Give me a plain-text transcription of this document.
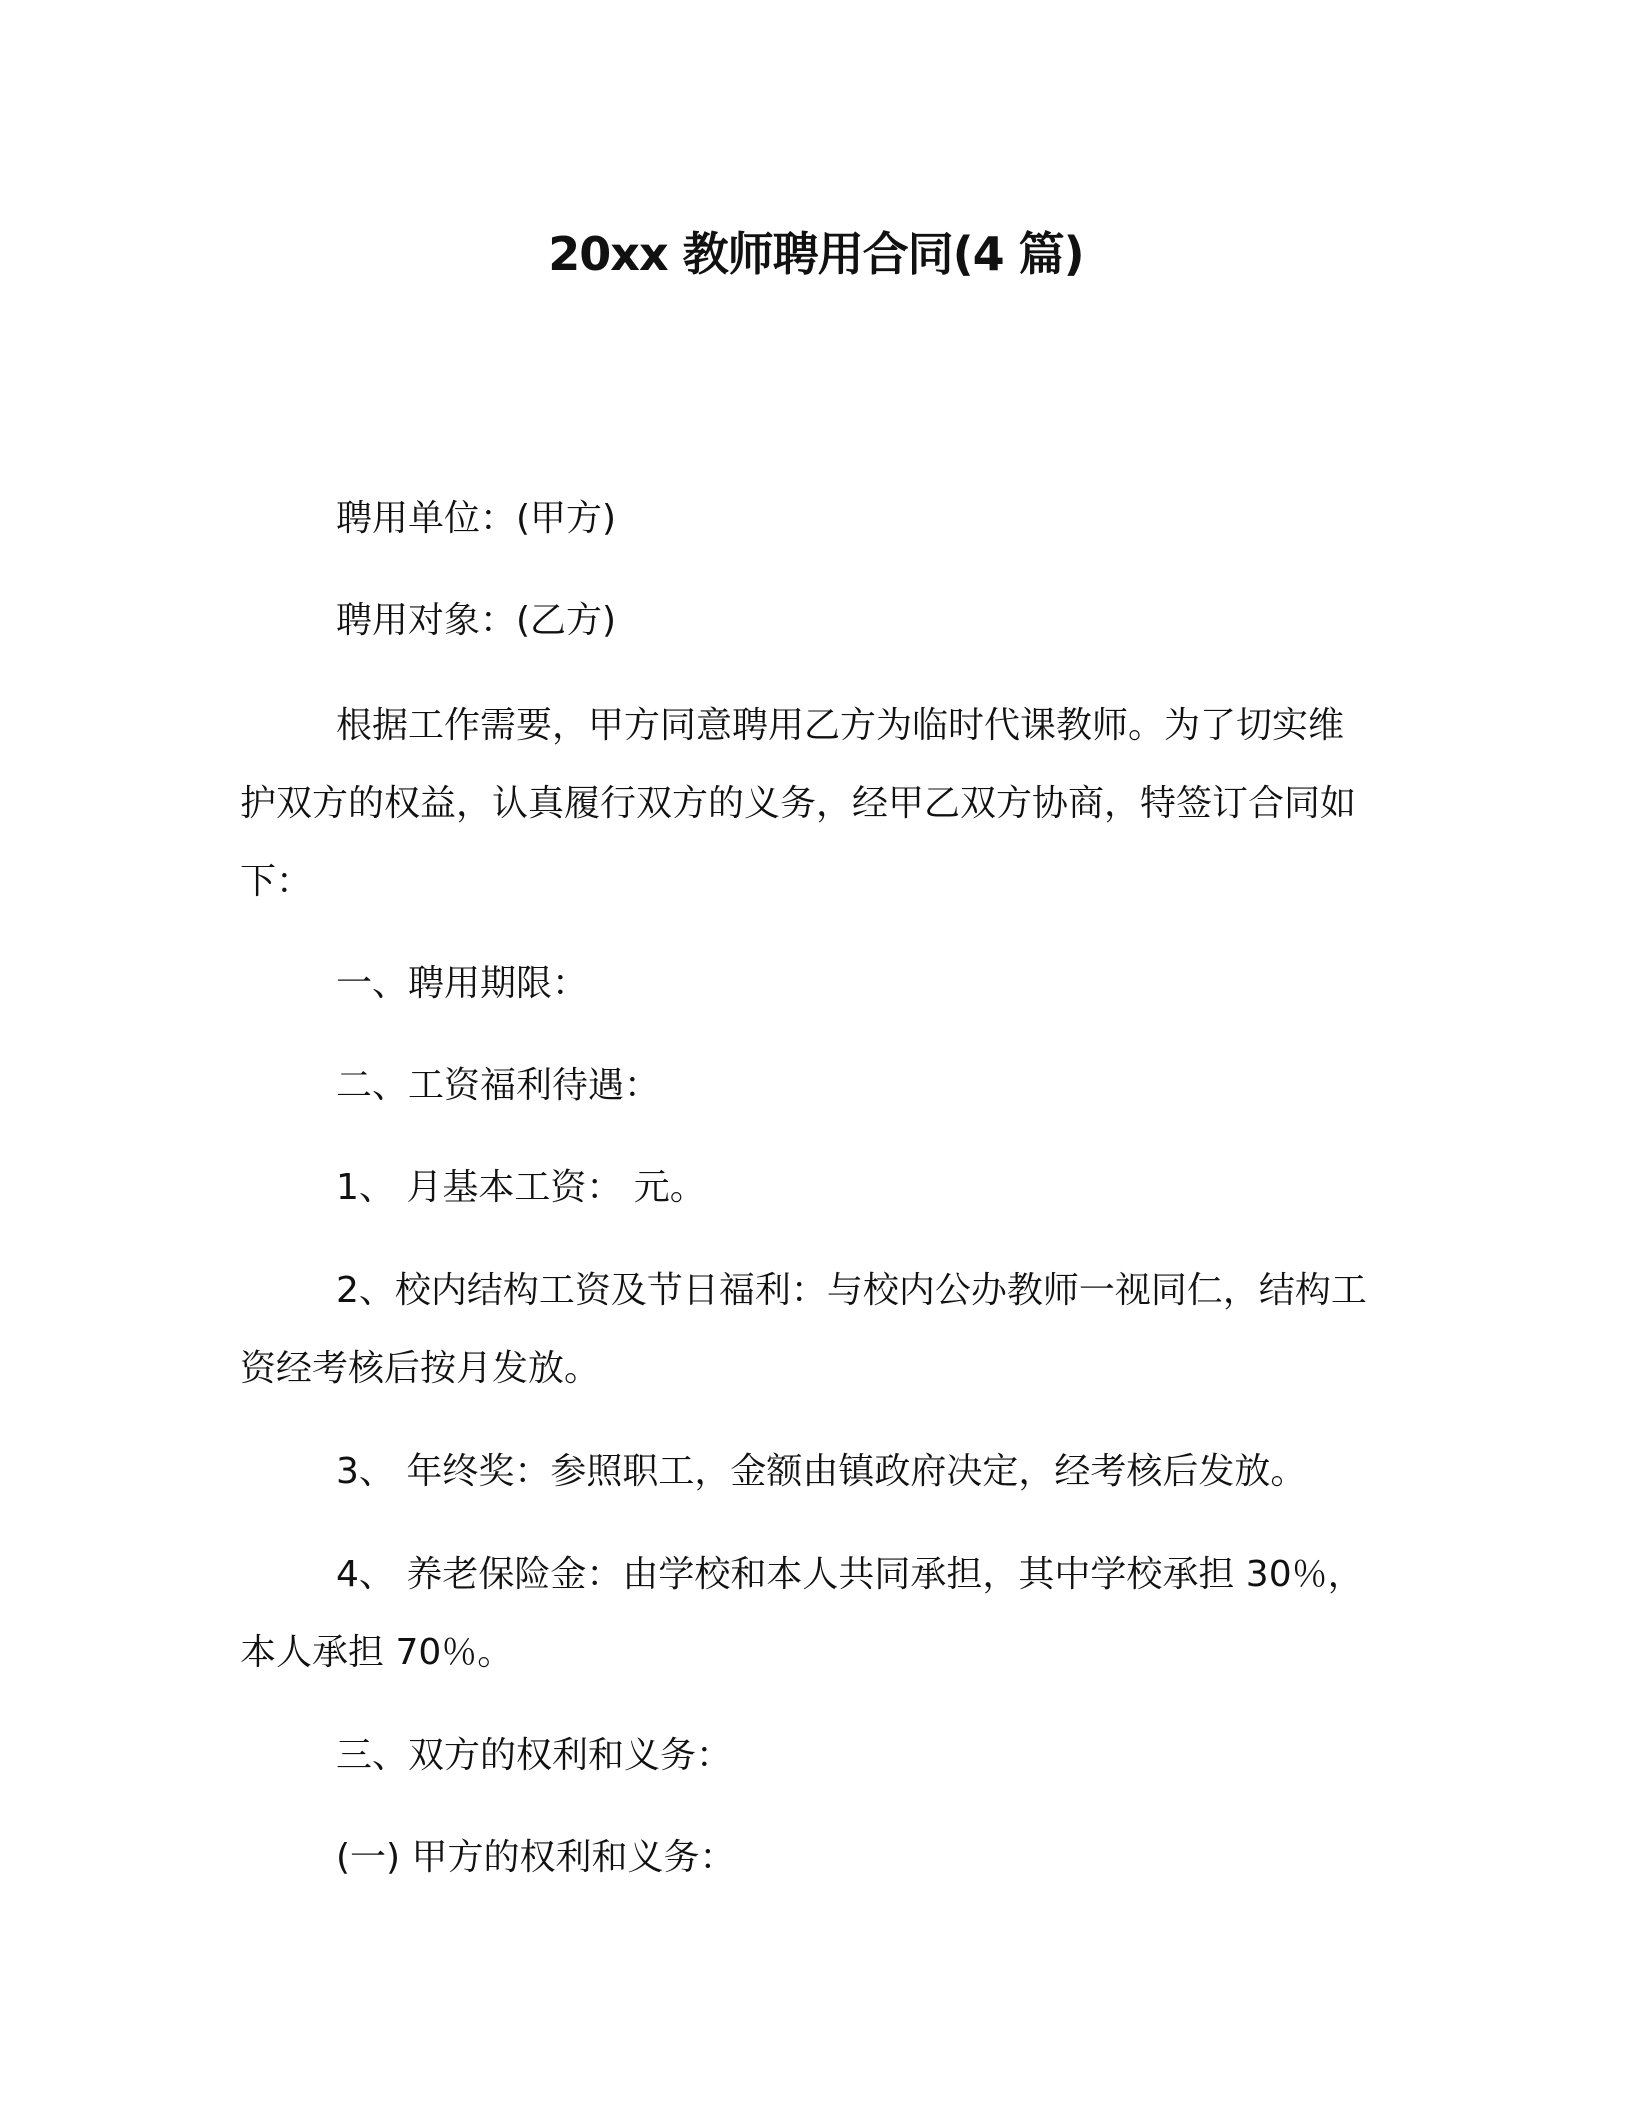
20xx 教师聘用合同(4 篇)
聘用单位：(甲方)
聘用对象：(乙方)
根据工作需要，甲方同意聘用乙方为临时代课教师。为了切实维护双方的权益，认真履行双方的义务，经甲乙双方协商，特签订合同如下：
一、聘用期限：
二、工资福利待遇：
1、 月基本工资： 元。
2、校内结构工资及节日福利：与校内公办教师一视同仁，结构工资经考核后按月发放。
3、 年终奖：参照职工，金额由镇政府决定，经考核后发放。
4、 养老保险金：由学校和本人共同承担，其中学校承担 30％，本人承担 70％。
三、双方的权利和义务：
(一) 甲方的权利和义务：
